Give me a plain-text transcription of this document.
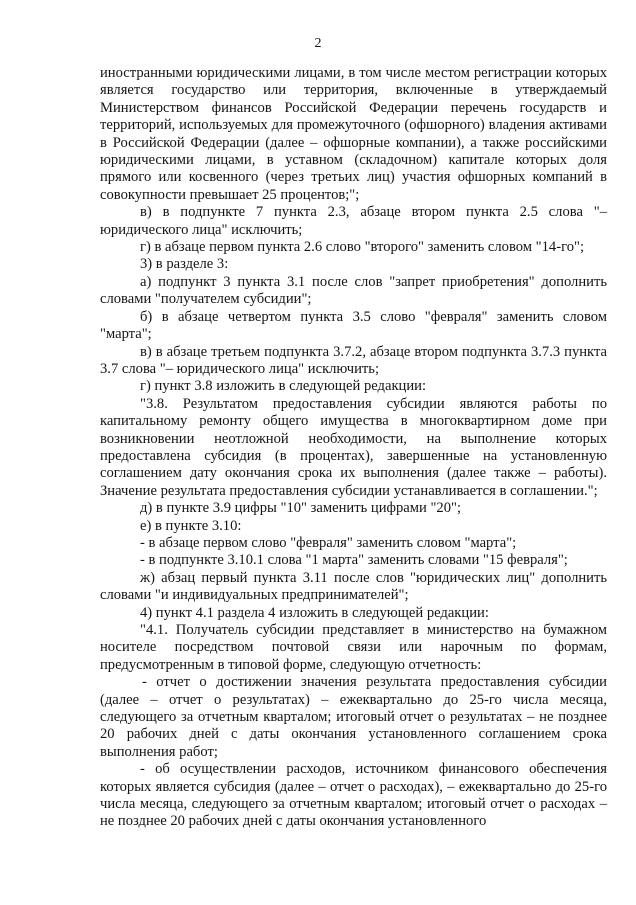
2

иностранными юридическими лицами, в том числе местом регистрации которых является государство или территория, включенные в утверждаемый Министерством финансов Российской Федерации перечень государств и территорий, используемых для промежуточного (офшорного) владения активами в Российской Федерации (далее – офшорные компании), а также российскими юридическими лицами, в уставном (складочном) капитале которых доля прямого или косвенного (через третьих лиц) участия офшорных компаний в совокупности превышает 25 процентов;";

в) в подпункте 7 пункта 2.3, абзаце втором пункта 2.5 слова "– юридического лица" исключить;

г) в абзаце первом пункта 2.6 слово "второго" заменить словом "14-го";

3) в разделе 3:

а) подпункт 3 пункта 3.1 после слов "запрет приобретения" дополнить словами "получателем субсидии";

б) в абзаце четвертом пункта 3.5 слово "февраля" заменить словом "марта";

в) в абзаце третьем подпункта 3.7.2, абзаце втором подпункта 3.7.3 пункта 3.7 слова "– юридического лица" исключить;

г) пункт 3.8 изложить в следующей редакции:

"3.8. Результатом предоставления субсидии являются работы по капитальному ремонту общего имущества в многоквартирном доме при возникновении неотложной необходимости, на выполнение которых предоставлена субсидия (в процентах), завершенные на установленную соглашением дату окончания срока их выполнения (далее также – работы). Значение результата предоставления субсидии устанавливается в соглашении.";

д) в пункте 3.9 цифры "10" заменить цифрами "20";

е) в пункте 3.10:

- в абзаце первом слово "февраля" заменить словом "марта";

- в подпункте 3.10.1 слова "1 марта" заменить словами "15 февраля";

ж) абзац первый пункта 3.11 после слов "юридических лиц" дополнить словами "и индивидуальных предпринимателей";

4) пункт 4.1 раздела 4 изложить в следующей редакции:

"4.1. Получатель субсидии представляет в министерство на бумажном носителе посредством почтовой связи или нарочным по формам, предусмотренным в типовой форме, следующую отчетность:

- отчет о достижении значения результата предоставления субсидии (далее – отчет о результатах) – ежеквартально до 25-го числа месяца, следующего за отчетным кварталом; итоговый отчет о результатах – не позднее 20 рабочих дней с даты окончания установленного соглашением срока выполнения работ;

- об осуществлении расходов, источником финансового обеспечения которых является субсидия (далее – отчет о расходах), – ежеквартально до 25-го числа месяца, следующего за отчетным кварталом; итоговый отчет о расходах – не позднее 20 рабочих дней с даты окончания установленного
